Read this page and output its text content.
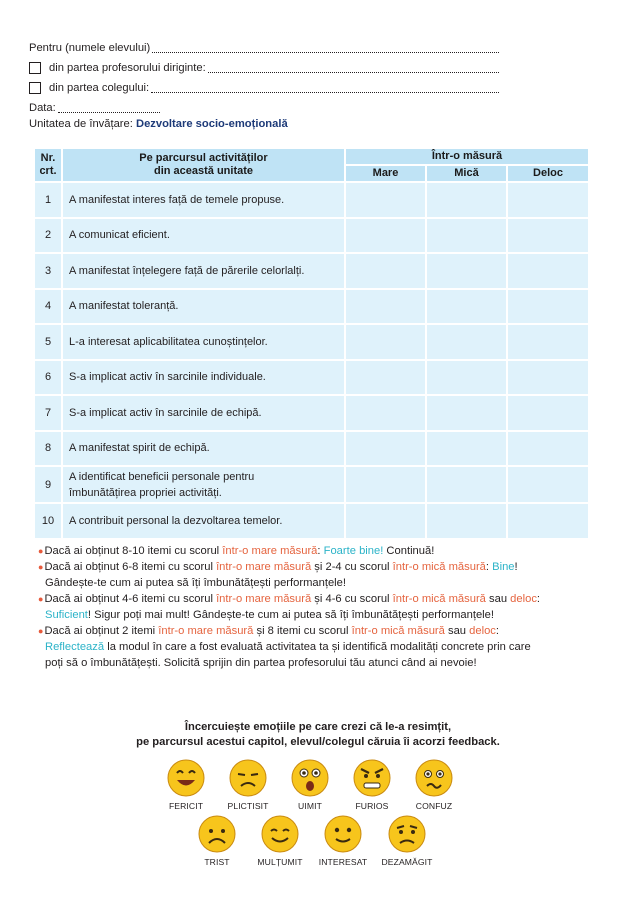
Pentru (numele elevului)
din partea profesorului diriginte:
din partea colegului:
Data:
Unitatea de învățare: Dezvoltare socio-emoțională
Nr.
crt.	Pe parcursul activităților
din această unitate	Într-o măsură		
		Mare	Mică	Deloc
1	A manifestat interes față de temele propuse.			
2	A comunicat eficient.			
3	A manifestat înțelegere față de părerile celorlalți.			
4	A manifestat toleranță.			
5	L-a interesat aplicabilitatea cunoștințelor.			
6	S-a implicat activ în sarcinile individuale.			
7	S-a implicat activ în sarcinile de echipă.			
8	A manifestat spirit de echipă.			
9	A identificat beneficii personale pentru
îmbunătățirea propriei activități.			
10	A contribuit personal la dezvoltarea temelor.			
●Dacă ai obținut 8-10 itemi cu scorul într-o mare măsură: Foarte bine! Continuă!
●Dacă ai obținut 6-8 itemi cu scorul într-o mare măsură și 2-4 cu scorul într-o mică măsură: Bine!
Gândește-te cum ai putea să îți îmbunătățești performanțele!
●Dacă ai obținut 4-6 itemi cu scorul într-o mare măsură și 4-6 cu scorul într-o mică măsură sau deloc:
Suficient! Sigur poți mai mult! Gândește-te cum ai putea să îți îmbunătățești performanțele!
●Dacă ai obținut 2 itemi într-o mare măsură și 8 itemi cu scorul într-o mică măsură sau deloc:
Reflectează la modul în care a fost evaluată activitatea ta și identifică modalități concrete prin care
poți să o îmbunătățești. Solicită sprijin din partea profesorului tău atunci când ai nevoie!
Încercuiește emoțiile pe care crezi că le-a resimțit,
pe parcursul acestui capitol, elevul/colegul căruia îi acorzi feedback.
FERICIT	PLICTISIT	UIMIT	FURIOS	CONFUZ
TRIST	MULȚUMIT	INTERESAT	DEZAMĂGIT
